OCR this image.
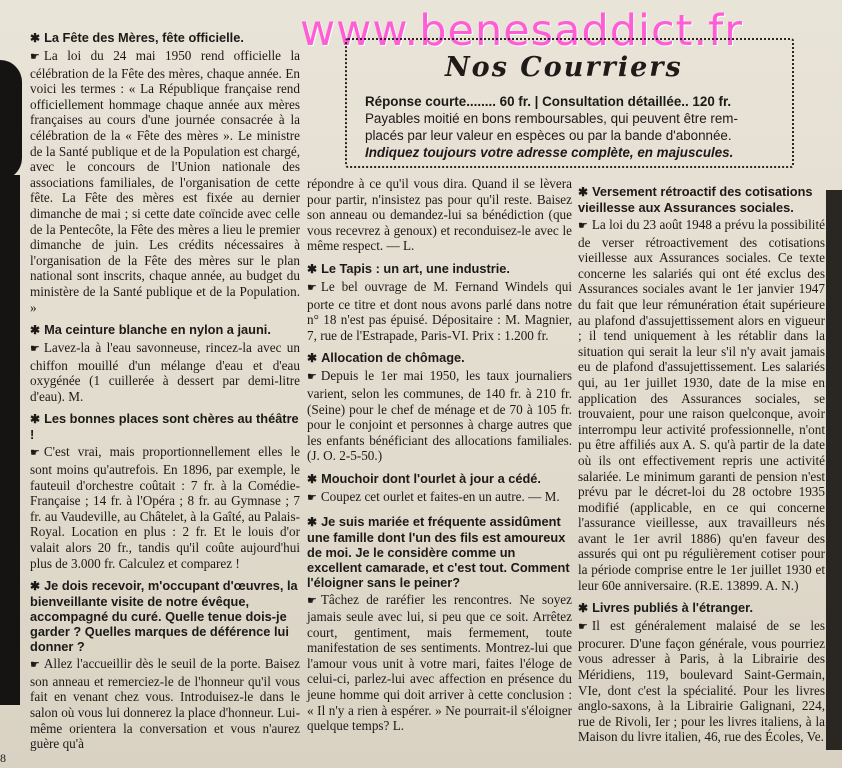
www.benesaddict.fr
Nos Courriers
Réponse courte........ 60 fr. | Consultation détaillée.. 120 fr.
Payables moitié en bons remboursables, qui peuvent être rem-
placés par leur valeur en espèces ou par la bande d'abonnée.
Indiquez toujours votre adresse complète, en majuscules.

✱ La Fête des Mères, fête officielle.

☛ La loi du 24 mai 1950 rend officielle la célébration de la Fête des mères, chaque année. En voici les termes : « La République française rend officiellement hommage chaque année aux mères françaises au cours d'une journée consacrée à la célébration de la « Fête des mères ». Le ministre de la Santé publique et de la Population est chargé, avec le concours de l'Union nationale des associations familiales, de l'organisation de cette fête. La Fête des mères est fixée au dernier dimanche de mai ; si cette date coïncide avec celle de la Pentecôte, la Fête des mères a lieu le premier dimanche de juin. Les crédits nécessaires à l'organisation de la Fête des mères sur le plan national sont inscrits, chaque année, au budget du ministère de la Santé publique et de la Population. »

✱ Ma ceinture blanche en nylon a jauni.

☛ Lavez-la à l'eau savonneuse, rincez-la avec un chiffon mouillé d'un mélange d'eau et d'eau oxygénée (1 cuillerée à dessert par demi-litre d'eau). M.

✱ Les bonnes places sont chères au théâtre !

☛ C'est vrai, mais proportionnellement elles le sont moins qu'autrefois. En 1896, par exemple, le fauteuil d'orchestre coûtait : 7 fr. à la Comédie-Française ; 14 fr. à l'Opéra ; 8 fr. au Gymnase ; 7 fr. au Vaudeville, au Châtelet, à la Gaîté, au Palais-Royal. Location en plus : 2 fr. Et le louis d'or valait alors 20 fr., tandis qu'il coûte aujourd'hui plus de 3.000 fr. Calculez et comparez !

✱ Je dois recevoir, m'occupant d'œuvres, la bienveillante visite de notre évêque, accompagné du curé. Quelle tenue dois-je garder ? Quelles marques de déférence lui donner ?

☛ Allez l'accueillir dès le seuil de la porte. Baisez son anneau et remerciez-le de l'honneur qu'il vous fait en venant chez vous. Introduisez-le dans le salon où vous lui donnerez la place d'honneur. Lui-même orientera la conversation et vous n'aurez guère qu'à

répondre à ce qu'il vous dira. Quand il se lèvera pour partir, n'insistez pas pour qu'il reste. Baisez son anneau ou demandez-lui sa bénédiction (que vous recevrez à genoux) et reconduisez-le avec le même respect. — L.

✱ Le Tapis : un art, une industrie.

☛ Le bel ouvrage de M. Fernand Windels qui porte ce titre et dont nous avons parlé dans notre n° 18 n'est pas épuisé. Dépositaire : M. Magnier, 7, rue de l'Estrapade, Paris-VI. Prix : 1.200 fr.

✱ Allocation de chômage.

☛ Depuis le 1er mai 1950, les taux journaliers varient, selon les communes, de 140 fr. à 210 fr. (Seine) pour le chef de ménage et de 70 à 105 fr. pour le conjoint et personnes à charge autres que les enfants bénéficiant des allocations familiales. (J. O. 2-5-50.)

✱ Mouchoir dont l'ourlet à jour a cédé.

☛ Coupez cet ourlet et faites-en un autre. — M.

✱ Je suis mariée et fréquente assidûment une famille dont l'un des fils est amoureux de moi. Je le considère comme un excellent camarade, et c'est tout. Comment l'éloigner sans le peiner?

☛ Tâchez de raréfier les rencontres. Ne soyez jamais seule avec lui, si peu que ce soit. Arrêtez court, gentiment, mais fermement, toute manifestation de ses sentiments. Montrez-lui que l'amour vous unit à votre mari, faites l'éloge de celui-ci, parlez-lui avec affection en présence du jeune homme qui doit arriver à cette conclusion : « Il n'y a rien à espérer. » Ne pourrait-il s'éloigner quelque temps? L.

✱ Versement rétroactif des cotisations vieillesse aux Assurances sociales.

☛ La loi du 23 août 1948 a prévu la possibilité de verser rétroactivement des cotisations vieillesse aux Assurances sociales. Ce texte concerne les salariés qui ont été exclus des Assurances sociales avant le 1er janvier 1947 du fait que leur rémunération était supérieure au plafond d'assujettissement alors en vigueur ; il tend uniquement à les rétablir dans la situation qui serait la leur s'il n'y avait jamais eu de plafond d'assujettissement. Les salariés qui, au 1er juillet 1930, date de la mise en application des Assurances sociales, se trouvaient, pour une raison quelconque, avoir interrompu leur activité professionnelle, n'ont pu être affiliés aux A. S. qu'à partir de la date où ils ont effectivement repris une activité salariée. Le minimum garanti de pension n'est prévu par le décret-loi du 28 octobre 1935 modifié (applicable, en ce qui concerne l'assurance vieillesse, aux travailleurs nés avant le 1er avril 1886) qu'en faveur des assurés qui ont pu régulièrement cotiser pour la période comprise entre le 1er juillet 1930 et leur 60e anniversaire. (R.E. 13899. A. N.)

✱ Livres publiés à l'étranger.

☛ Il est généralement malaisé de se les procurer. D'une façon générale, vous pourriez vous adresser à Paris, à la Librairie des Méridiens, 119, boulevard Saint-Germain, VIe, dont c'est la spécialité. Pour les livres anglo-saxons, à la Librairie Galignani, 224, rue de Rivoli, Ier ; pour les livres italiens, à la Maison du livre italien, 46, rue des Écoles, Ve.

8
